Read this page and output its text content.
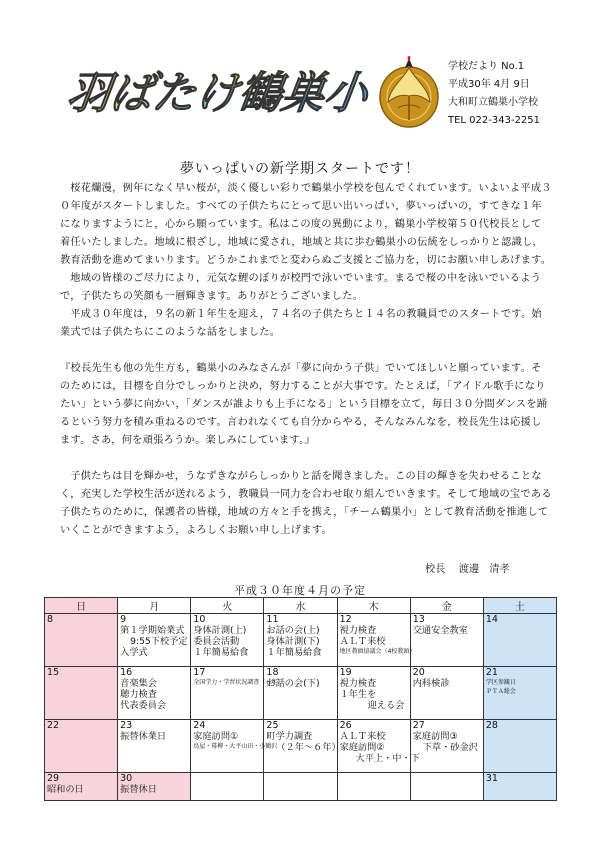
羽ばたけ鶴巣小
学校だより No.1
平成30年 4月 9日
大和町立鶴巣小学校
TEL 022-343-2251
夢いっぱいの新学期スタートです！

桜花爛漫，例年になく早い桜が，淡く優しい彩りで鶴巣小学校を包んでくれています。いよいよ平成３０年度がスタートしました。すべての子供たちにとって思い出いっぱい，夢いっぱいの，すてきな１年になりますようにと，心から願っています。私はこの度の異動により，鶴巣小学校第５０代校長として着任いたしました。地域に根ざし，地域に愛され，地域と共に歩む鶴巣小の伝統をしっかりと認識し，教育活動を進めてまいります。どうかこれまでと変わらぬご支援とご協力を，切にお願い申しあげます。

地域の皆様のご尽力により，元気な鯉のぼりが校門で泳いでいます。まるで桜の中を泳いでいるようで，子供たちの笑顔も一層輝きます。ありがとうございました。

平成３０年度は，９名の新１年生を迎え，７４名の子供たちと１４名の教職員でのスタートです。始業式では子供たちにこのような話をしました。

『校長先生も他の先生方も，鶴巣小のみなさんが「夢に向かう子供」でいてほしいと願っています。そのためには，目標を自分でしっかりと決め，努力することが大事です。たとえば，「アイドル歌手になりたい」という夢に向かい，「ダンスが誰よりも上手になる」という目標を立て，毎日３０分間ダンスを踊るという努力を積み重ねるのです。言われなくても自分からやる，そんなみんなを，校長先生は応援します。さあ，何を頑張ろうか。楽しみにしています。』

子供たちは目を輝かせ，うなずきながらしっかりと話を聞きました。この目の輝きを失わせることなく，充実した学校生活が送れるよう，教職員一同力を合わせ取り組んでいきます。そして地域の宝である子供たちのために，保護者の皆様，地域の方々と手を携え，「チーム鶴巣小」として教育活動を推進していくことができますよう，よろしくお願い申し上げます。

校長　 渡邊　清孝
平成３０年度４月の予定
日	月	火	水	木	金	土

8	9
第１学期始業式
9:55下校予定
入学式	10
身体計測(上)
委員会活動
１年簡易給食	11
お話の会(上)
身体計測(下)
１年簡易給食	12
視力検査
ＡＬＴ来校
地区教頭協議会（4校教頭）	13
交通安全教室	14

15	16
音楽集会
聴力検査
代表委員会	17
全国学力・学習状況調査（６年）	18
お話の会(下)	19
視力検査
１年生を
迎える会	20
内科検診	21
学区参観日
ＰＴＡ総会

22	23
振替休業日	24
家庭訪問①
鳥屋・幕柳・大平山田・小鶴沢	25
町学力調査
（２年～６年）	26
ＡＬＴ来校
家庭訪問②
大平上・中・下	27
家庭訪問③
下草・砂金沢	28

29
昭和の日	30
振替休日					31
